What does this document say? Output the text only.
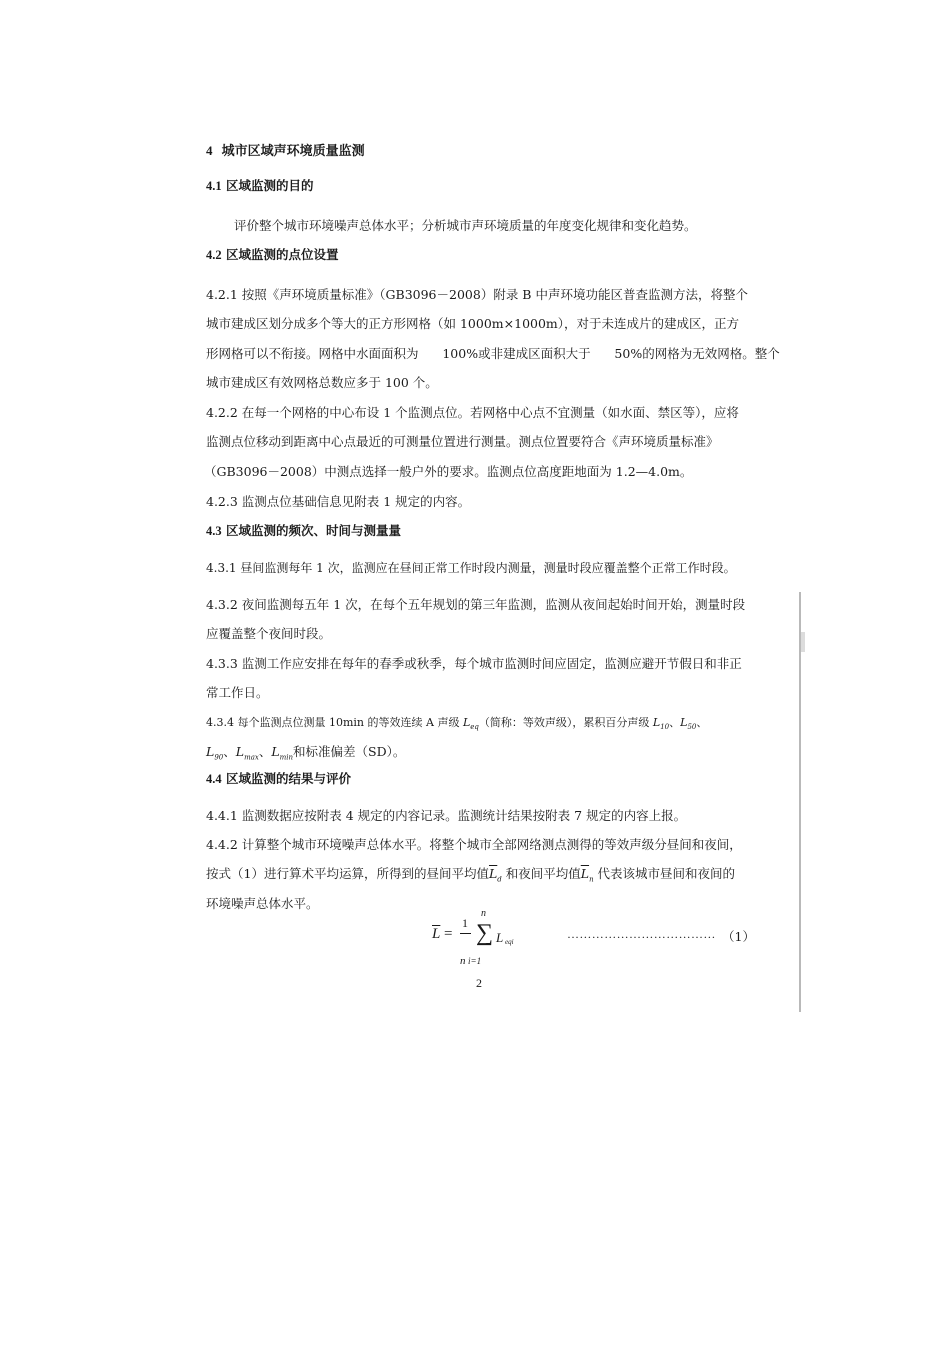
4 城市区域声环境质量监测
4.1 区域监测的目的
评价整个城市环境噪声总体水平；分析城市声环境质量的年度变化规律和变化趋势。
4.2 区域监测的点位设置
4.2.1 按照《声环境质量标准》（GB3096－2008）附录 B 中声环境功能区普查监测方法，将整个
城市建成区划分成多个等大的正方形网格（如 1000m×1000m），对于未连成片的建成区，正方
形网格可以不衔接。网格中水面面积为      100%或非建成区面积大于      50%的网格为无效网格。整个
城市建成区有效网格总数应多于 100 个。
4.2.2 在每一个网格的中心布设 1 个监测点位。若网格中心点不宜测量（如水面、禁区等），应将
监测点位移动到距离中心点最近的可测量位置进行测量。测点位置要符合《声环境质量标准》
（GB3096－2008）中测点选择一般户外的要求。监测点位高度距地面为 1.2—4.0m。
4.2.3 监测点位基础信息见附表 1 规定的内容。
4.3 区域监测的频次、时间与测量量
4.3.1 昼间监测每年 1 次，监测应在昼间正常工作时段内测量，测量时段应覆盖整个正常工作时段。
4.3.2 夜间监测每五年 1 次，在每个五年规划的第三年监测，监测从夜间起始时间开始，测量时段
应覆盖整个夜间时段。
4.3.3 监测工作应安排在每年的春季或秋季，每个城市监测时间应固定，监测应避开节假日和非正
常工作日。
4.3.4 每个监测点位测量 10min 的等效连续 A 声级 $L_{eq}$（简称：等效声级），累积百分声级 $L_{10}$、$L_{50}$、
$L_{90}$、$L_{max}$、$L_{min}$和标准偏差（SD）。
4.4 区域监测的结果与评价
4.4.1 监测数据应按附表 4 规定的内容记录。监测统计结果按附表 7 规定的内容上报。
4.4.2 计算整个城市环境噪声总体水平。将整个城市全部网络测点测得的等效声级分昼间和夜间，
按式（1）进行算术平均运算，所得到的昼间平均值$\overline{L}_d$ 和夜间平均值$\overline{L}_n$ 代表该城市昼间和夜间的
环境噪声总体水平。
$\overline{L}$ =
1
n
n
∑
i=1
L eqi
……………………………… （1）
2
